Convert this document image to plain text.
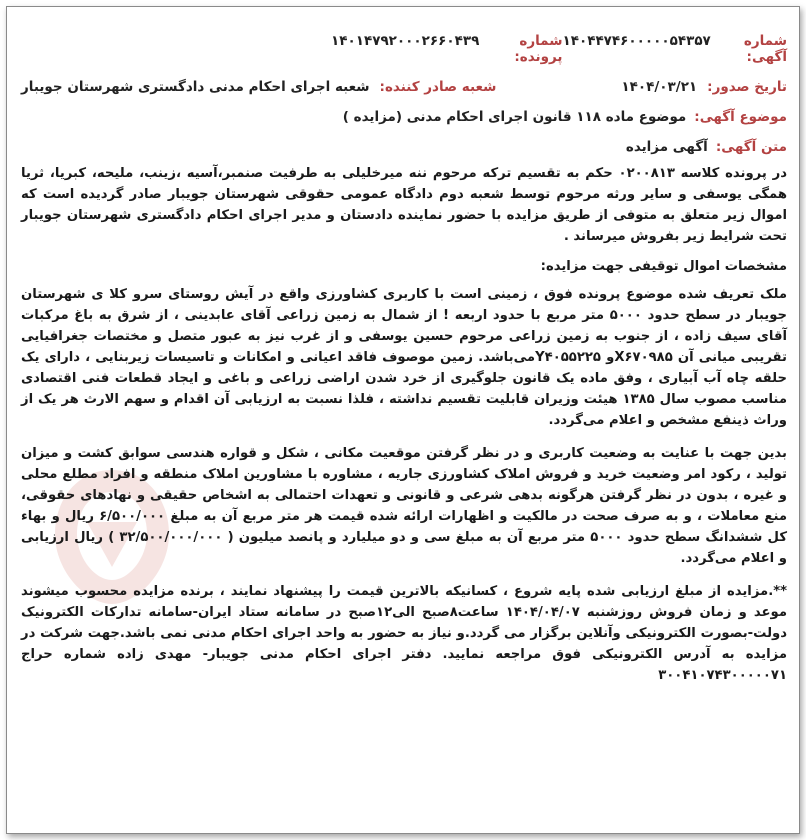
شماره آگهی:
۱۴۰۴۴۷۴۶۰۰۰۰۰۵۴۳۵۷
شماره پرونده:
۱۴۰۱۴۷۹۲۰۰۰۲۶۶۰۴۳۹
تاریخ صدور:
۱۴۰۴/۰۳/۲۱
شعبه صادر کننده:
شعبه اجرای احکام مدنی دادگستری شهرستان جویبار
موضوع آگهی:
موضوع ماده ۱۱۸ قانون اجرای احکام مدنی (مزایده )
متن آگهی:
آگهی مزایده

در پرونده کلاسه ۰۲۰۰۸۱۳ حکم به تقسیم ترکه مرحوم ننه میرخلیلی به طرفیت صنمبر،آسیه ،زینب، ملیحه، کبریا، ثریا همگی یوسفی و سایر ورثه مرحوم توسط شعبه دوم دادگاه عمومی حقوقی شهرستان جویبار صادر گردیده است که اموال زیر متعلق به متوفی از طریق مزایده با حضور نماینده دادستان و مدیر اجرای احکام دادگستری شهرستان جویبار تحت شرایط زیر بفروش میرساند .

مشخصات اموال توقیفی جهت مزایده:

ملک تعریف شده موضوع پرونده فوق ، زمینی است با کاربری کشاورزی واقع در آیش روستای سرو کلا ی شهرستان جویبار در سطح حدود ۵۰۰۰ متر مربع با حدود اربعه ! از شمال به زمین زراعی آقای عابدینی ، از شرق به باغ مرکبات آقای سیف زاده ، از جنوب به زمین زراعی مرحوم حسین یوسفی و از غرب نیز به عبور متصل و مختصات جغرافیایی تقریبی میانی آن X۶۷۰۹۸۵و Y۴۰۵۵۲۲۵می‌باشد. زمین موصوف فاقد اعیانی و امکانات و تاسیسات زیربنایی ، دارای یک حلقه چاه آب آبیاری ، وفق ماده یک قانون جلوگیری از خرد شدن اراضی زراعی و باغی و ایجاد قطعات فنی اقتصادی مناسب مصوب سال ۱۳۸۵ هیئت وزیران قابلیت تقسیم نداشته ، فلذا نسبت به ارزیابی آن اقدام و سهم الارث هر یک از وراث ذینفع مشخص و اعلام می‌گردد.

بدین جهت با عنایت به وضعیت کاربری و در نظر گرفتن موقعیت مکانی ، شکل و قواره هندسی سوابق کشت و میزان تولید ، رکود امر وضعیت خرید و فروش املاک کشاورزی جاریه ، مشاوره با مشاورین املاک منطقه و افراد مطلع محلی و غیره ، بدون در نظر گرفتن هرگونه بدهی شرعی و قانونی و تعهدات احتمالی به اشخاص حقیقی و نهادهای حقوقی، منع معاملات ، و به صرف صحت در مالکیت و اظهارات ارائه شده قیمت هر متر مربع آن به مبلغ ۶/۵۰۰/۰۰۰ ریال و بهاء کل ششدانگ سطح حدود ۵۰۰۰ متر مربع آن به مبلغ سی و دو میلیارد و پانصد میلیون ( ۳۲/۵۰۰/۰۰۰/۰۰۰ ) ریال ارزیابی و اعلام می‌گردد.

**.مزایده از مبلغ ارزیابی شده پایه شروع ، کسانیکه بالاترین قیمت را پیشنهاد نمایند ، برنده مزایده محسوب میشوند موعد و زمان فروش روزشنبه ۱۴۰۴/۰۴/۰۷ ساعت۸صبح الی۱۲صبح در سامانه ستاد ایران-سامانه تدارکات الکترونیک دولت-بصورت الکترونیکی وآنلاین برگزار می گردد.و نیاز به حضور به واحد اجرای احکام مدنی نمی باشد.جهت شرکت در مزایده به آدرس الکترونیکی فوق مراجعه نمایید. دفتر اجرای احکام مدنی جویبار- مهدی زاده شماره حراج ۳۰۰۴۱۰۷۴۳۰۰۰۰۰۷۱
